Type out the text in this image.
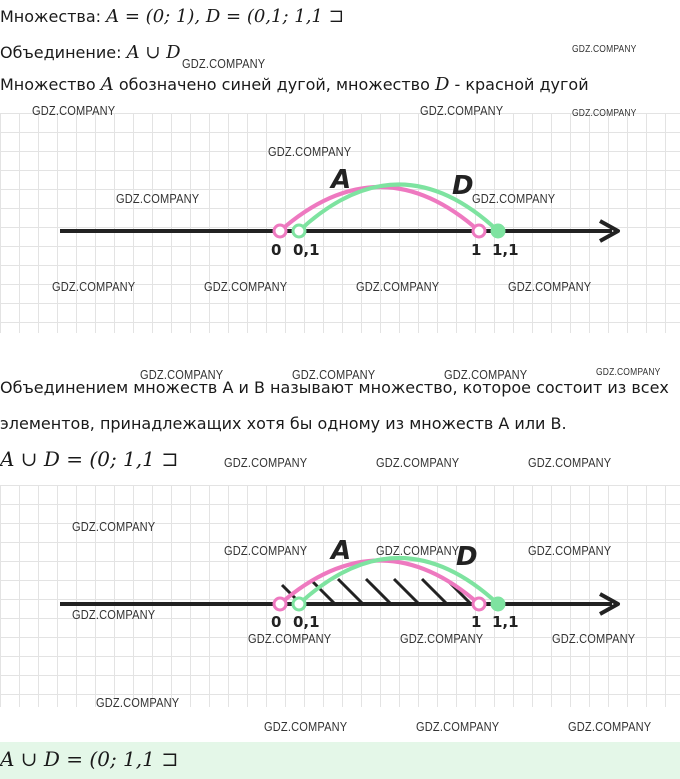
Множества: A = (0; 1), D = (0,1; 1,1 ⊐
Объединение: A ∪ D
Множество A обозначено синей дугой, множество D - красной дугой
A	D
0 0,1	1 1,1
Объединением множеств A и B называют множество, которое состоит из всех
элементов, принадлежащих хотя бы одному из множеств A или B.
A ∪ D = (0; 1,1 ⊐
A	D
0 0,1	1 1,1
A ∪ D = (0; 1,1 ⊐
GDZ.COMPANY
GDZ.COMPANY
GDZ.COMPANY	GDZ.COMPANY	GDZ.COMPANY
GDZ.COMPANY
GDZ.COMPANY	GDZ.COMPANY
GDZ.COMPANY	GDZ.COMPANY	GDZ.COMPANY	GDZ.COMPANY
GDZ.COMPANY	GDZ.COMPANY	GDZ.COMPANY	GDZ.COMPANY
GDZ.COMPANY	GDZ.COMPANY	GDZ.COMPANY
GDZ.COMPANY
GDZ.COMPANY	GDZ.COMPANY	GDZ.COMPANY
GDZ.COMPANY
GDZ.COMPANY	GDZ.COMPANY	GDZ.COMPANY
GDZ.COMPANY
GDZ.COMPANY	GDZ.COMPANY	GDZ.COMPANY
